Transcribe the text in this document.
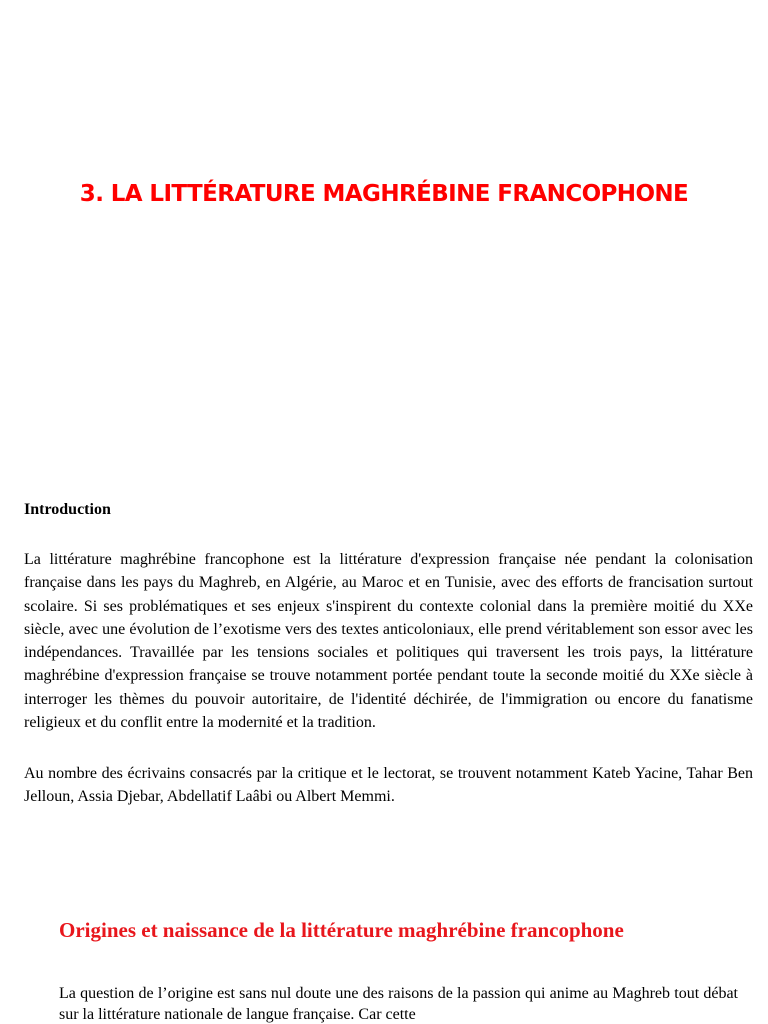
3. LA LITTÉRATURE MAGHRÉBINE FRANCOPHONE
Introduction

La littérature maghrébine francophone est la littérature d'expression française née pendant la colonisation française dans les pays du Maghreb, en Algérie, au Maroc et en Tunisie, avec des efforts de francisation surtout scolaire. Si ses problématiques et ses enjeux s'inspirent du contexte colonial dans la première moitié du XXe siècle, avec une évolution de l’exotisme vers des textes anticoloniaux, elle prend véritablement son essor avec les indépendances. Travaillée par les tensions sociales et politiques qui traversent les trois pays, la littérature maghrébine d'expression française se trouve notamment portée pendant toute la seconde moitié du XXe siècle à interroger les thèmes du pouvoir autoritaire, de l'identité déchirée, de l'immigration ou encore du fanatisme religieux et du conflit entre la modernité et la tradition.

Au nombre des écrivains consacrés par la critique et le lectorat, se trouvent notamment Kateb Yacine, Tahar Ben Jelloun, Assia Djebar, Abdellatif Laâbi ou Albert Memmi.

Origines et naissance de la littérature maghrébine francophone

La question de l’origine est sans nul doute une des raisons de la passion qui anime au Maghreb tout débat sur la littérature nationale de langue française. Car cette
